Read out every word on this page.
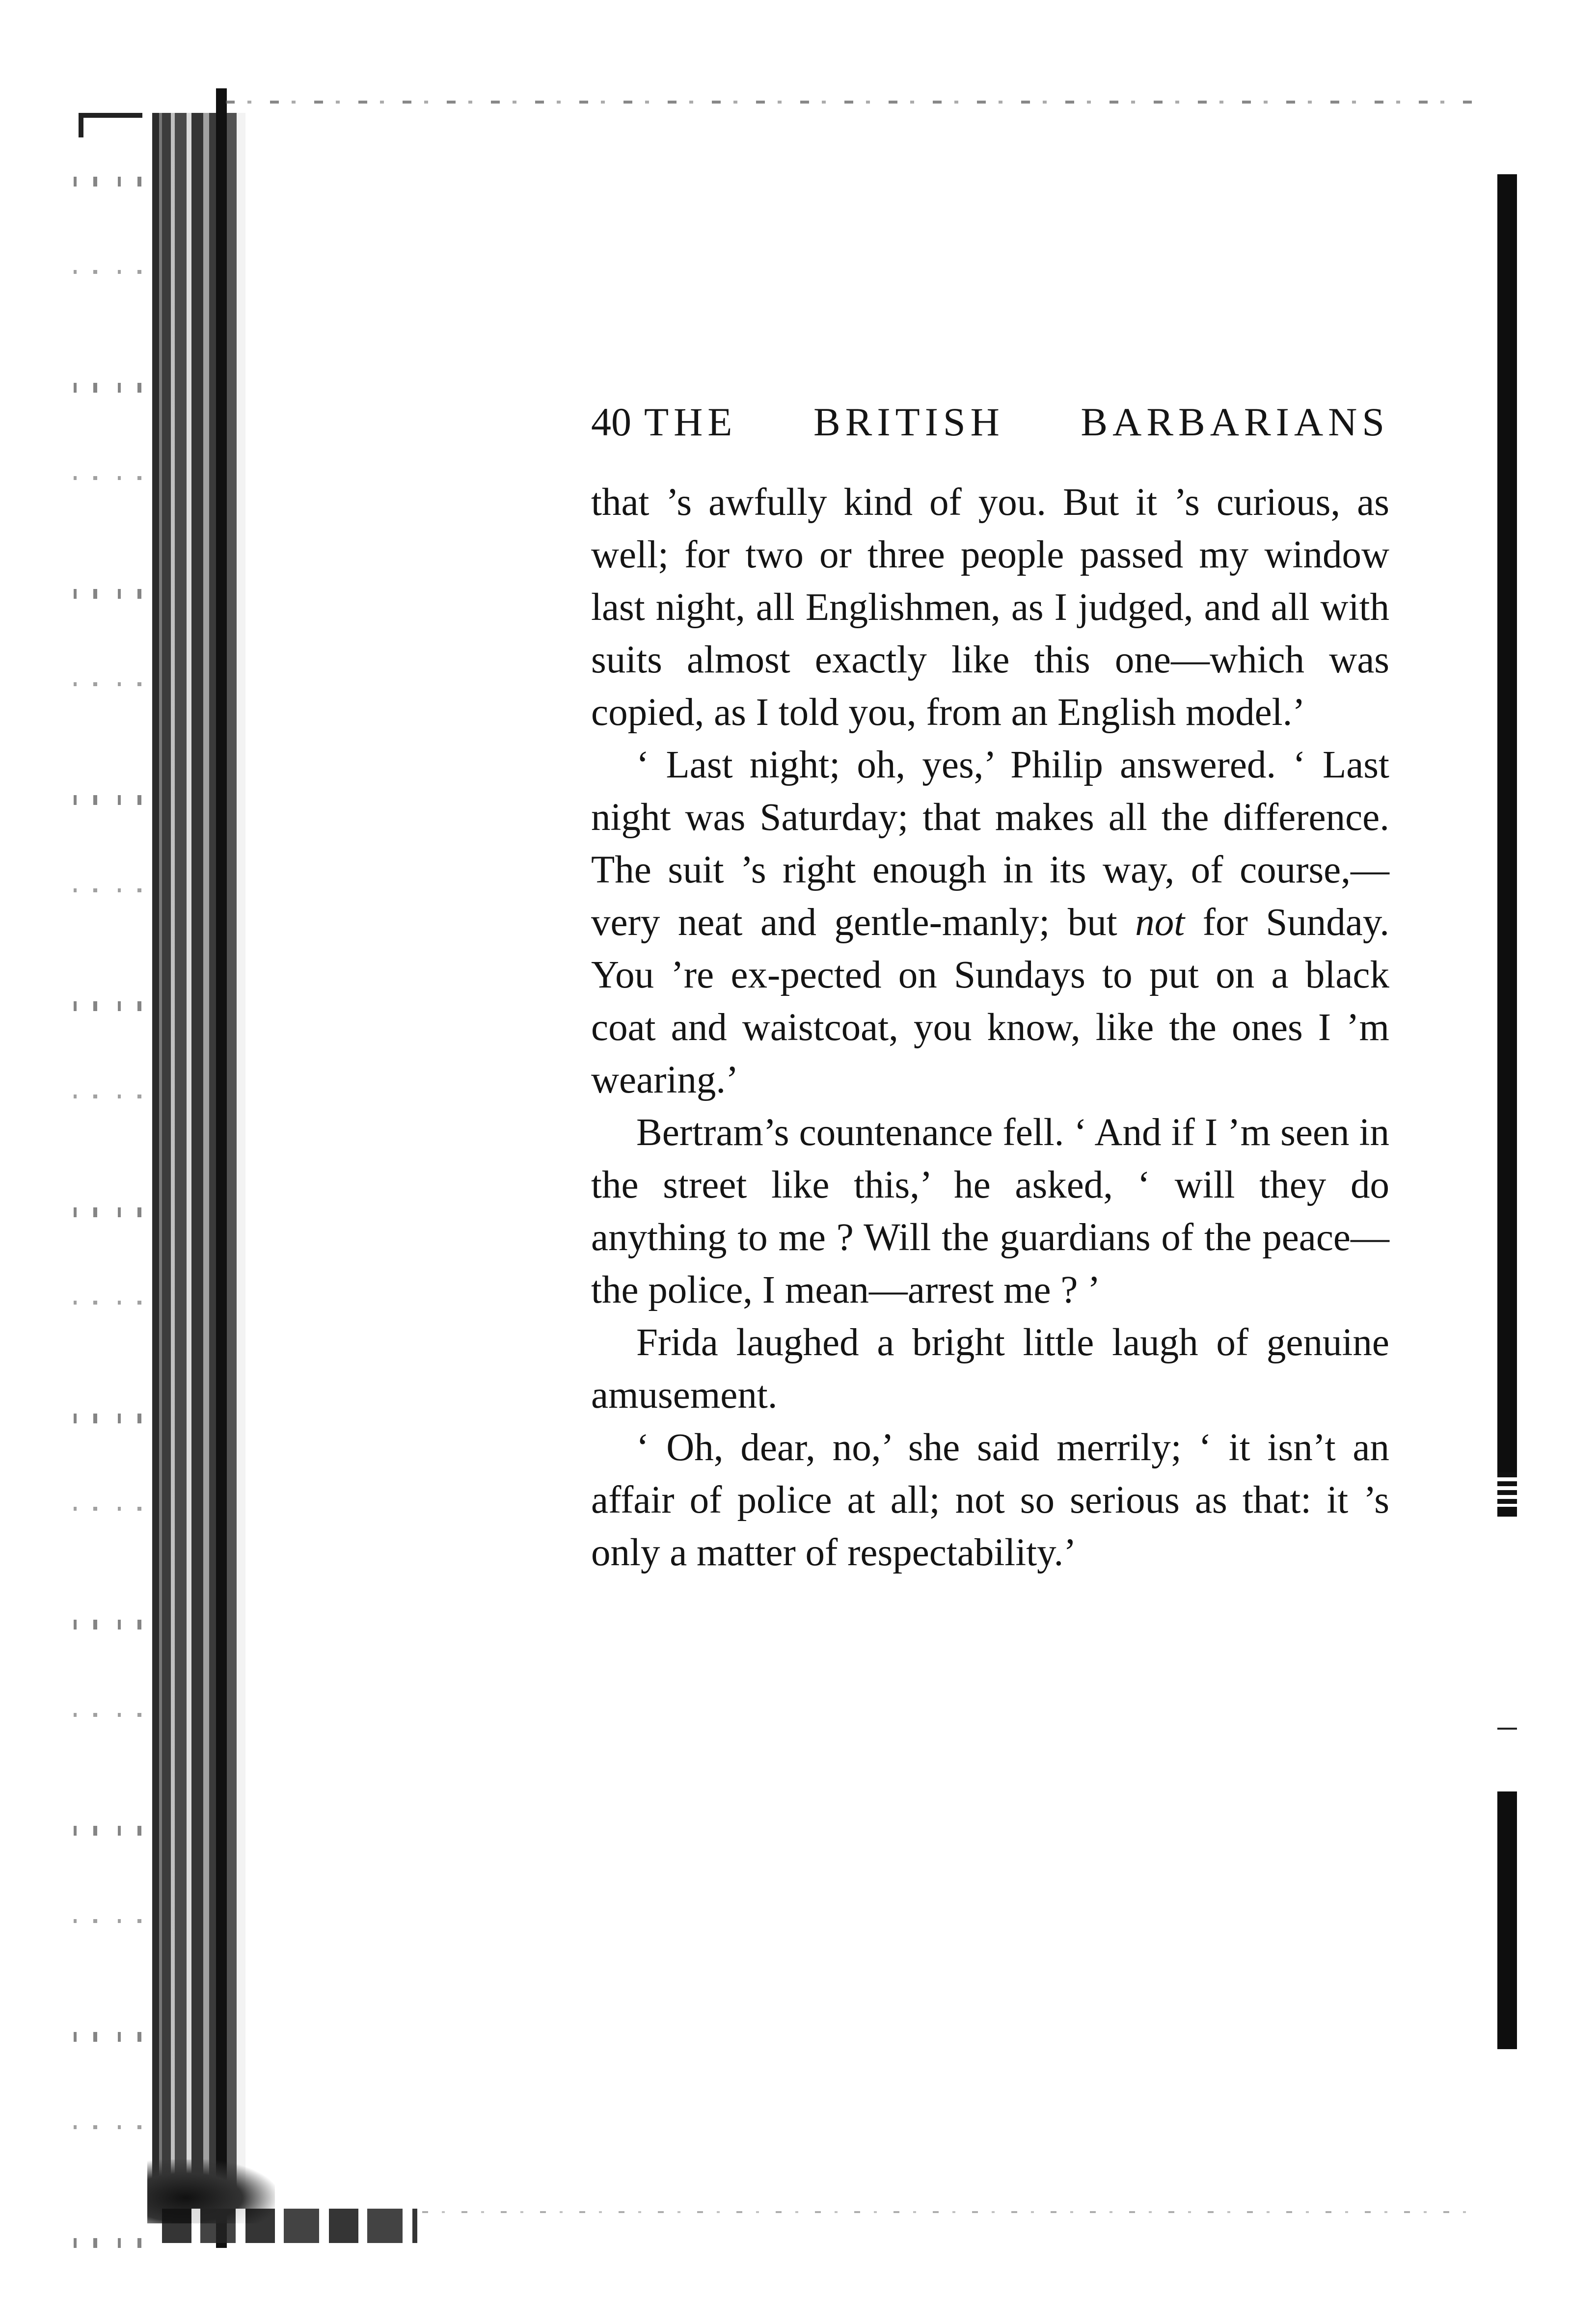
40 THE BRITISH BARBARIANS

that ’s awfully kind of you. But it ’s curious, as well; for two or three people passed my window last night, all Englishmen, as I judged, and all with suits almost exactly like this one—which was copied, as I told you, from an English model.’

‘ Last night; oh, yes,’ Philip answered. ‘ Last night was Saturday; that makes all the difference. The suit ’s right enough in its way, of course,—very neat and gentle-manly; but not for Sunday. You ’re ex-pected on Sundays to put on a black coat and waistcoat, you know, like the ones I ’m wearing.’

Bertram’s countenance fell. ‘ And if I ’m seen in the street like this,’ he asked, ‘ will they do anything to me ? Will the guardians of the peace—the police, I mean—arrest me ? ’

Frida laughed a bright little laugh of genuine amusement.

‘ Oh, dear, no,’ she said merrily; ‘ it isn’t an affair of police at all; not so serious as that: it ’s only a matter of respectability.’
